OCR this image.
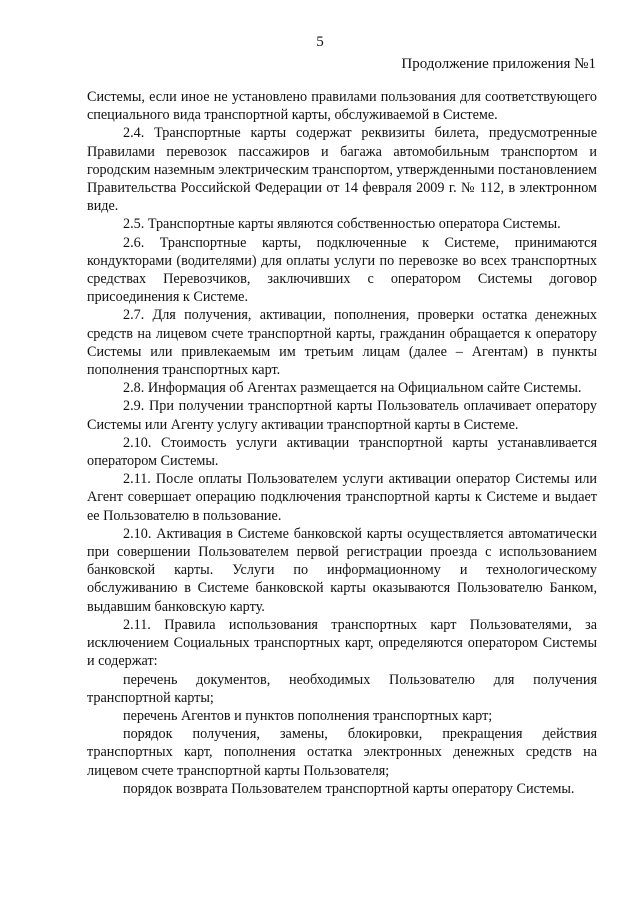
5
Продолжение приложения №1

Системы, если иное не установлено правилами пользования для соответствующего специального вида транспортной карты, обслуживаемой в Системе.

2.4. Транспортные карты содержат реквизиты билета, предусмотренные Правилами перевозок пассажиров и багажа автомобильным транспортом и городским наземным электрическим транспортом, утвержденными постановлением Правительства Российской Федерации от 14 февраля 2009 г. № 112, в электронном виде.

2.5. Транспортные карты являются собственностью оператора Системы.

2.6. Транспортные карты, подключенные к Системе, принимаются кондукторами (водителями) для оплаты услуги по перевозке во всех транспортных средствах Перевозчиков, заключивших с оператором Системы договор присоединения к Системе.

2.7. Для получения, активации, пополнения, проверки остатка денежных средств на лицевом счете транспортной карты, гражданин обращается к оператору Системы или привлекаемым им третьим лицам (далее – Агентам) в пункты пополнения транспортных карт.

2.8. Информация об Агентах размещается на Официальном сайте Системы.

2.9. При получении транспортной карты Пользователь оплачивает оператору Системы или Агенту услугу активации транспортной карты в Системе.

2.10. Стоимость услуги активации транспортной карты устанавливается оператором Системы.

2.11. После оплаты Пользователем услуги активации оператор Системы или Агент совершает операцию подключения транспортной карты к Системе и выдает ее Пользователю в пользование.

2.10. Активация в Системе банковской карты осуществляется автоматически при совершении Пользователем первой регистрации проезда с использованием банковской карты. Услуги по информационному и технологическому обслуживанию в Системе банковской карты оказываются Пользователю Банком, выдавшим банковскую карту.

2.11. Правила использования транспортных карт Пользователями, за исключением Социальных транспортных карт, определяются оператором Системы и содержат:

перечень документов, необходимых Пользователю для получения транспортной карты;

перечень Агентов и пунктов пополнения транспортных карт;

порядок получения, замены, блокировки, прекращения действия транспортных карт, пополнения остатка электронных денежных средств на лицевом счете транспортной карты Пользователя;

порядок возврата Пользователем транспортной карты оператору Системы.
